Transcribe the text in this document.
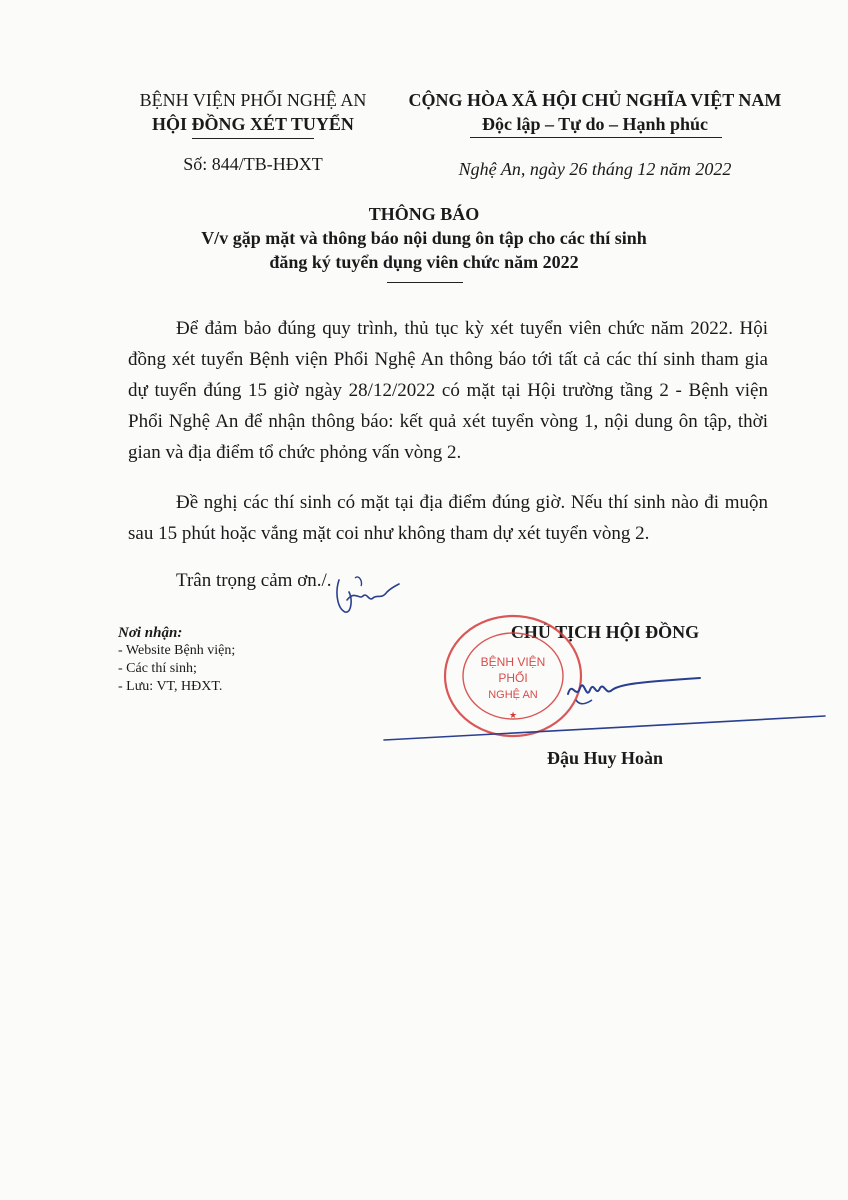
BỆNH VIỆN PHỔI NGHỆ AN
HỘI ĐỒNG XÉT TUYỂN
Số: 844/TB-HĐXT
CỘNG HÒA XÃ HỘI CHỦ NGHĨA VIỆT NAM
Độc lập – Tự do – Hạnh phúc
Nghệ An, ngày 26 tháng 12 năm 2022
THÔNG BÁO
V/v gặp mặt và thông báo nội dung ôn tập cho các thí sinh
đăng ký tuyển dụng viên chức năm 2022

Để đảm bảo đúng quy trình, thủ tục kỳ xét tuyển viên chức năm 2022. Hội đồng xét tuyển Bệnh viện Phổi Nghệ An thông báo tới tất cả các thí sinh tham gia dự tuyển đúng 15 giờ ngày 28/12/2022 có mặt tại Hội trường tầng 2 - Bệnh viện Phổi Nghệ An để nhận thông báo: kết quả xét tuyển vòng 1, nội dung ôn tập, thời gian và địa điểm tổ chức phỏng vấn vòng 2.

Đề nghị các thí sinh có mặt tại địa điểm đúng giờ. Nếu thí sinh nào đi muộn sau 15 phút hoặc vắng mặt coi như không tham dự xét tuyển vòng 2.

Trân trọng cảm ơn./.

Nơi nhận:
- Website Bệnh viện;
- Các thí sinh;
- Lưu: VT, HĐXT.
CHỦ TỊCH HỘI ĐỒNG
BỆNH VIỆN
PHỔI
NGHỆ AN
★
Đậu Huy Hoàn
